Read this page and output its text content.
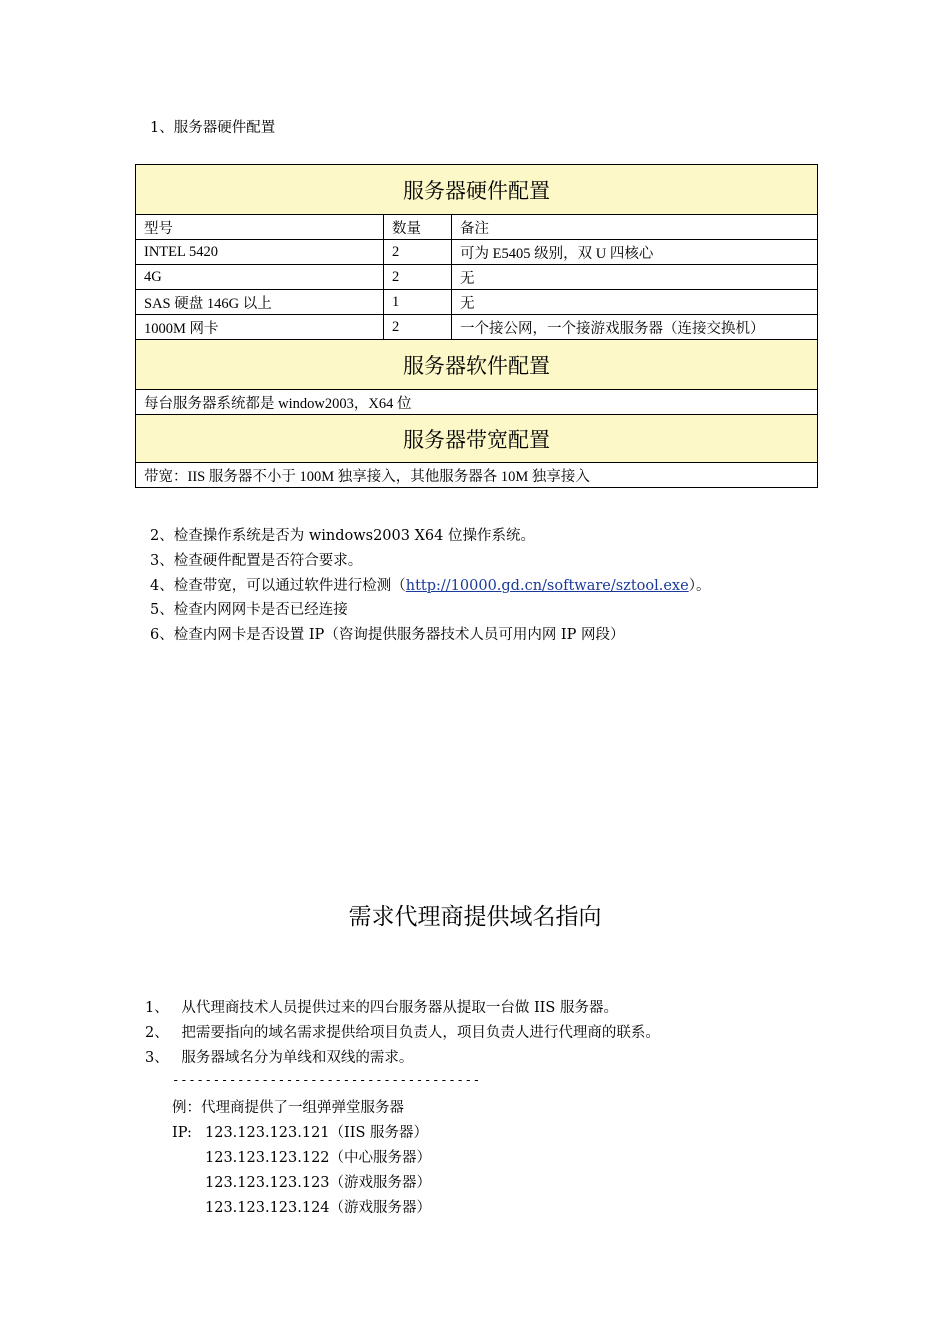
1、服务器硬件配置
服务器硬件配置		
型号	数量	备注
INTEL 5420	2	可为 E5405 级别，双 U 四核心
4G	2	无
SAS 硬盘 146G 以上	1	无
1000M 网卡	2	一个接公网，一个接游戏服务器（连接交换机）
服务器软件配置		
每台服务器系统都是 window2003，X64 位		
服务器带宽配置		
带宽：IIS 服务器不小于 100M 独享接入，其他服务器各 10M 独享接入		
2、检查操作系统是否为 windows2003 X64 位操作系统。
3、检查硬件配置是否符合要求。
4、检查带宽，可以通过软件进行检测（http://10000.gd.cn/software/sztool.exe）。
5、检查内网网卡是否已经连接
6、检查内网卡是否设置 IP（咨询提供服务器技术人员可用内网 IP 网段）
需求代理商提供域名指向
1、 从代理商技术人员提供过来的四台服务器从提取一台做 IIS 服务器。
2、 把需要指向的域名需求提供给项目负责人，项目负责人进行代理商的联系。
3、 服务器域名分为单线和双线的需求。
--------------------------------------
例：代理商提供了一组弹弹堂服务器
IP: 123.123.123.121（IIS 服务器）
123.123.123.122（中心服务器）
123.123.123.123（游戏服务器）
123.123.123.124（游戏服务器）
